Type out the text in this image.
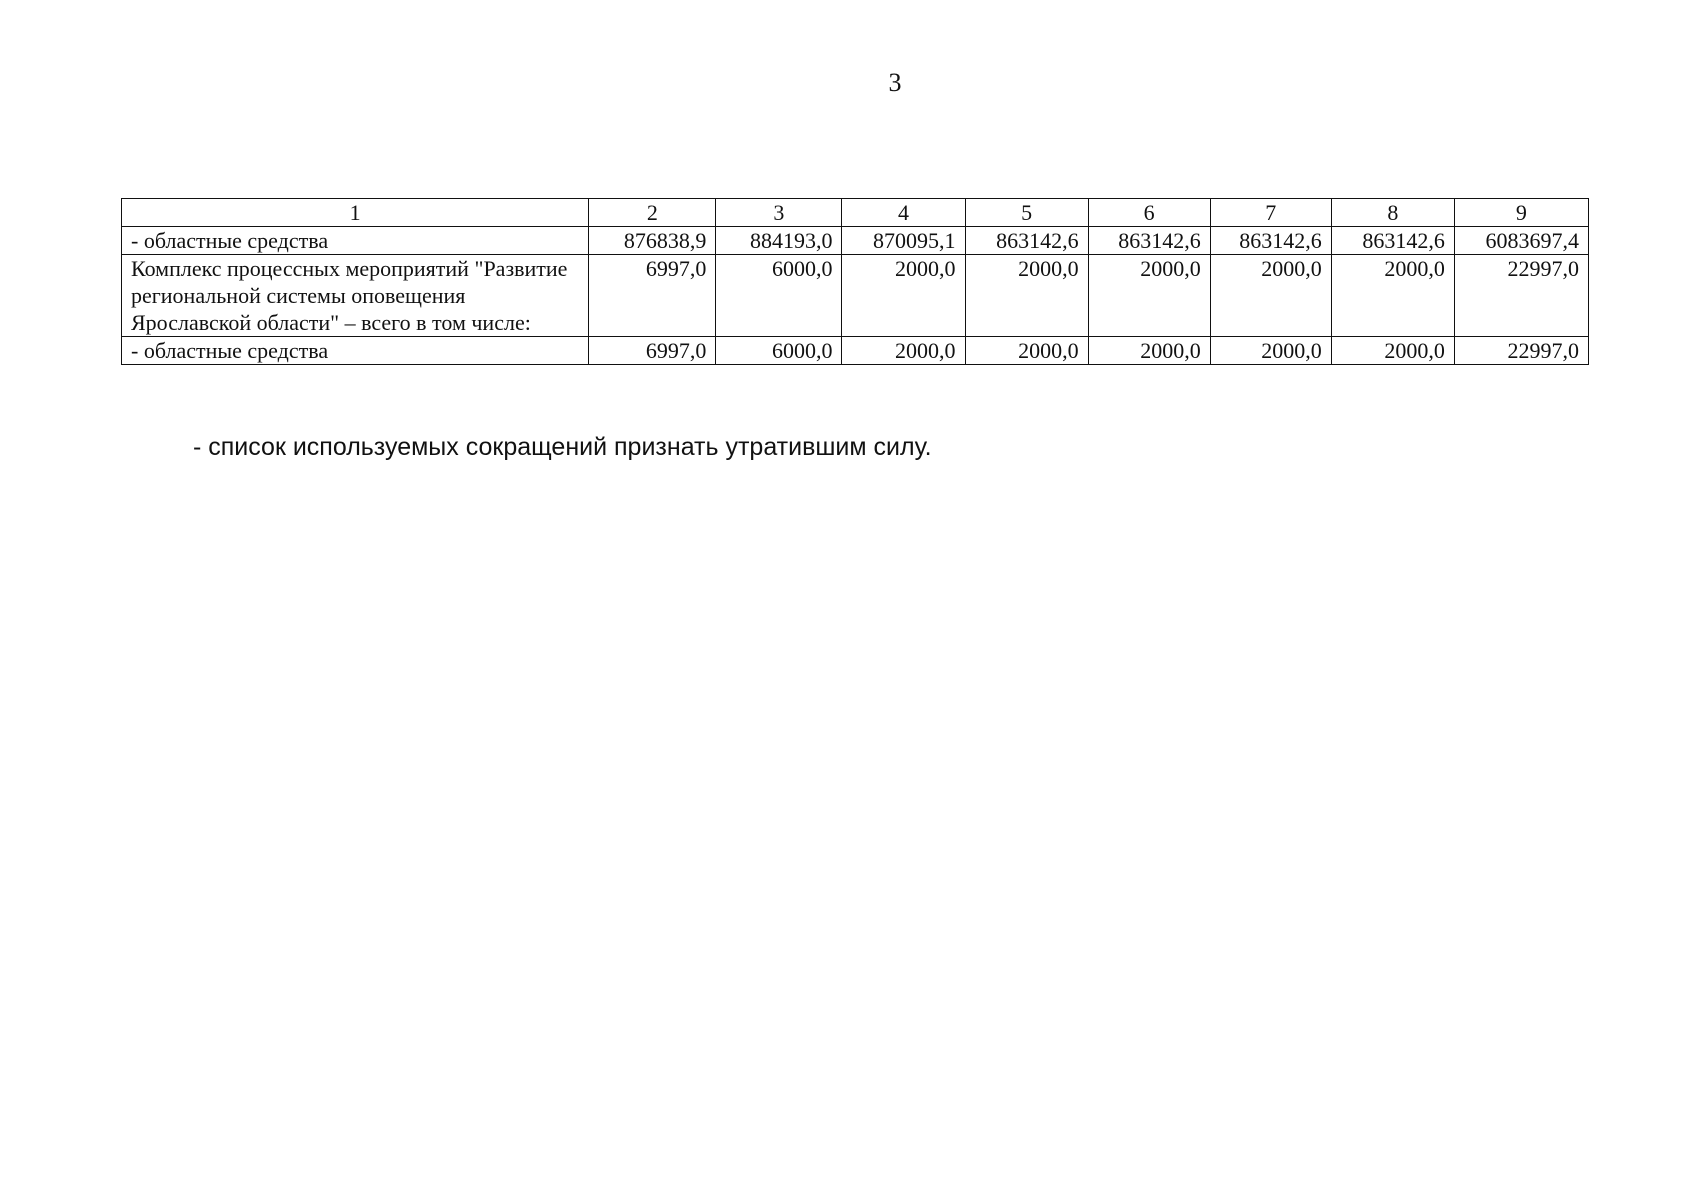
3
1	2	3	4	5	6	7	8	9
- областные средства	876838,9	884193,0	870095,1	863142,6	863142,6	863142,6	863142,6	6083697,4
Комплекс процессных мероприятий "Развитие региональной системы оповещения Ярославской области" – всего в том числе:	6997,0	6000,0	2000,0	2000,0	2000,0	2000,0	2000,0	22997,0
- областные средства	6997,0	6000,0	2000,0	2000,0	2000,0	2000,0	2000,0	22997,0
- список используемых сокращений признать утратившим силу.
